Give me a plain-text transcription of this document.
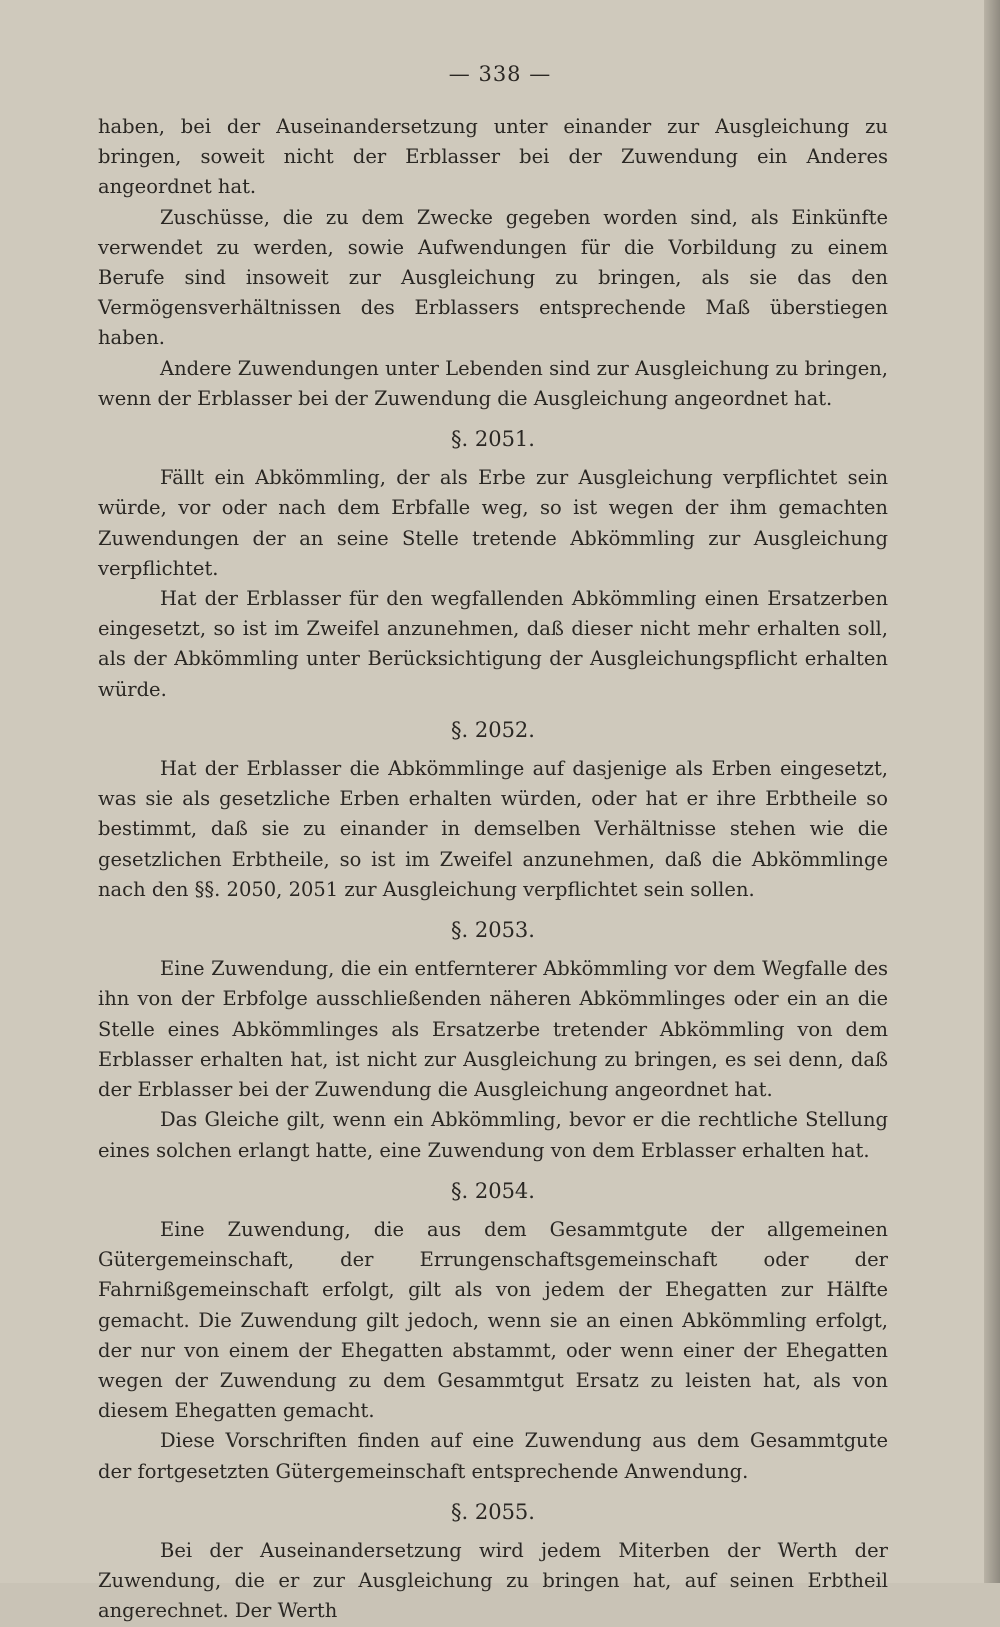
— 338 —

haben, bei der Auseinandersetzung unter einander zur Ausgleichung zu bringen, soweit nicht der Erblasser bei der Zuwendung ein Anderes angeordnet hat.

Zuschüsse, die zu dem Zwecke gegeben worden sind, als Einkünfte verwendet zu werden, sowie Aufwendungen für die Vorbildung zu einem Berufe sind insoweit zur Ausgleichung zu bringen, als sie das den Vermögensverhältnissen des Erblassers entsprechende Maß überstiegen haben.

Andere Zuwendungen unter Lebenden sind zur Ausgleichung zu bringen, wenn der Erblasser bei der Zuwendung die Ausgleichung angeordnet hat.

§. 2051.

Fällt ein Abkömmling, der als Erbe zur Ausgleichung verpflichtet sein würde, vor oder nach dem Erbfalle weg, so ist wegen der ihm gemachten Zuwendungen der an seine Stelle tretende Abkömmling zur Ausgleichung verpflichtet.

Hat der Erblasser für den wegfallenden Abkömmling einen Ersatzerben eingesetzt, so ist im Zweifel anzunehmen, daß dieser nicht mehr erhalten soll, als der Abkömmling unter Berücksichtigung der Ausgleichungspflicht erhalten würde.

§. 2052.

Hat der Erblasser die Abkömmlinge auf dasjenige als Erben eingesetzt, was sie als gesetzliche Erben erhalten würden, oder hat er ihre Erbtheile so bestimmt, daß sie zu einander in demselben Verhältnisse stehen wie die gesetzlichen Erbtheile, so ist im Zweifel anzunehmen, daß die Abkömmlinge nach den §§. 2050, 2051 zur Ausgleichung verpflichtet sein sollen.

§. 2053.

Eine Zuwendung, die ein entfernterer Abkömmling vor dem Wegfalle des ihn von der Erbfolge ausschließenden näheren Abkömmlinges oder ein an die Stelle eines Abkömmlinges als Ersatzerbe tretender Abkömmling von dem Erblasser erhalten hat, ist nicht zur Ausgleichung zu bringen, es sei denn, daß der Erblasser bei der Zuwendung die Ausgleichung angeordnet hat.

Das Gleiche gilt, wenn ein Abkömmling, bevor er die rechtliche Stellung eines solchen erlangt hatte, eine Zuwendung von dem Erblasser erhalten hat.

§. 2054.

Eine Zuwendung, die aus dem Gesammtgute der allgemeinen Gütergemeinschaft, der Errungenschaftsgemeinschaft oder der Fahrnißgemeinschaft erfolgt, gilt als von jedem der Ehegatten zur Hälfte gemacht. Die Zuwendung gilt jedoch, wenn sie an einen Abkömmling erfolgt, der nur von einem der Ehegatten abstammt, oder wenn einer der Ehegatten wegen der Zuwendung zu dem Gesammtgut Ersatz zu leisten hat, als von diesem Ehegatten gemacht.

Diese Vorschriften finden auf eine Zuwendung aus dem Gesammtgute der fortgesetzten Gütergemeinschaft entsprechende Anwendung.

§. 2055.

Bei der Auseinandersetzung wird jedem Miterben der Werth der Zuwendung, die er zur Ausgleichung zu bringen hat, auf seinen Erbtheil angerechnet. Der Werth
